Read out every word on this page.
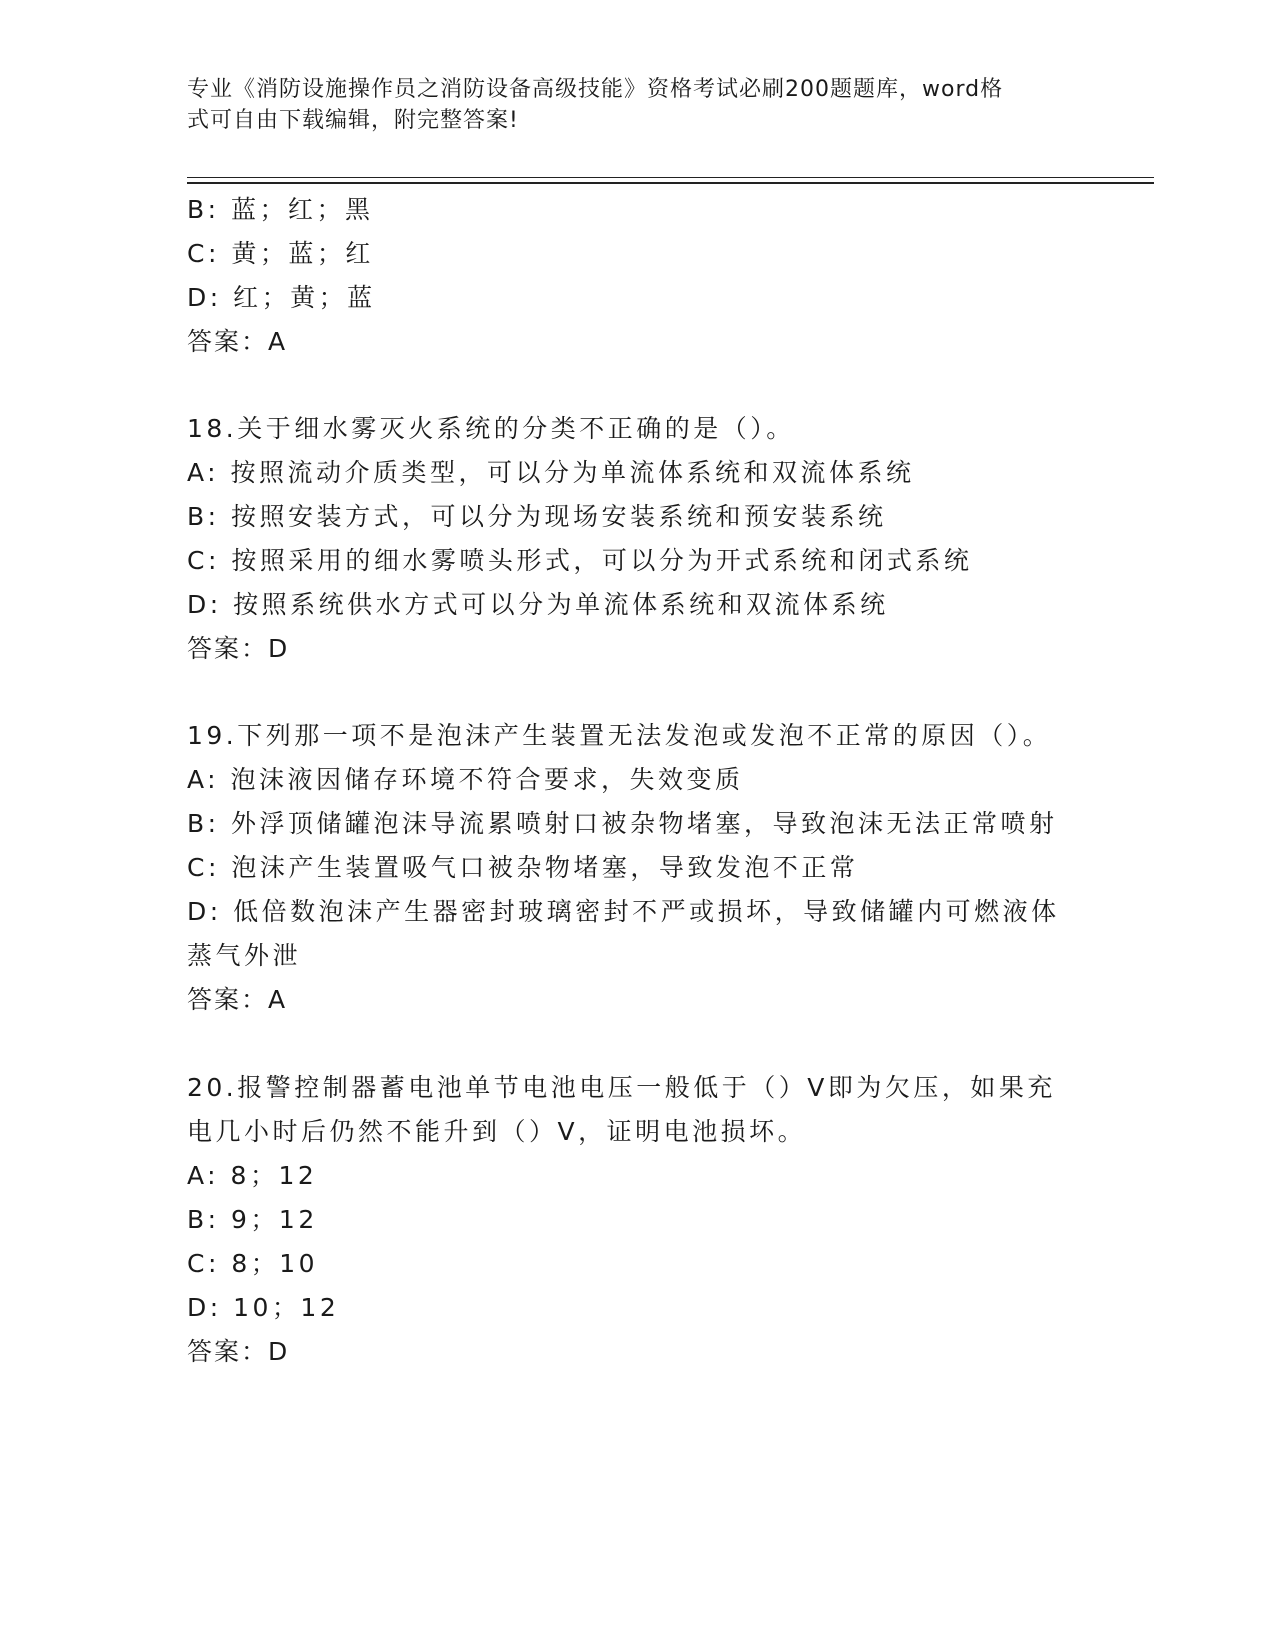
专业《消防设施操作员之消防设备高级技能》资格考试必刷200题题库，word格
式可自由下载编辑，附完整答案!
B: 蓝；红；黑
C: 黄；蓝；红
D: 红；黄；蓝
答案：A
18.关于细水雾灭火系统的分类不正确的是（）。
A: 按照流动介质类型，可以分为单流体系统和双流体系统
B: 按照安装方式，可以分为现场安装系统和预安装系统
C: 按照采用的细水雾喷头形式，可以分为开式系统和闭式系统
D: 按照系统供水方式可以分为单流体系统和双流体系统
答案：D
19.下列那一项不是泡沫产生装置无法发泡或发泡不正常的原因（）。
A: 泡沫液因储存环境不符合要求，失效变质
B: 外浮顶储罐泡沫导流累喷射口被杂物堵塞，导致泡沫无法正常喷射
C: 泡沫产生装置吸气口被杂物堵塞，导致发泡不正常
D: 低倍数泡沫产生器密封玻璃密封不严或损坏，导致储罐内可燃液体
蒸气外泄
答案：A
20.报警控制器蓄电池单节电池电压一般低于（）V即为欠压，如果充
电几小时后仍然不能升到（）V，证明电池损坏。
A: 8；12
B: 9；12
C: 8；10
D: 10；12
答案：D
